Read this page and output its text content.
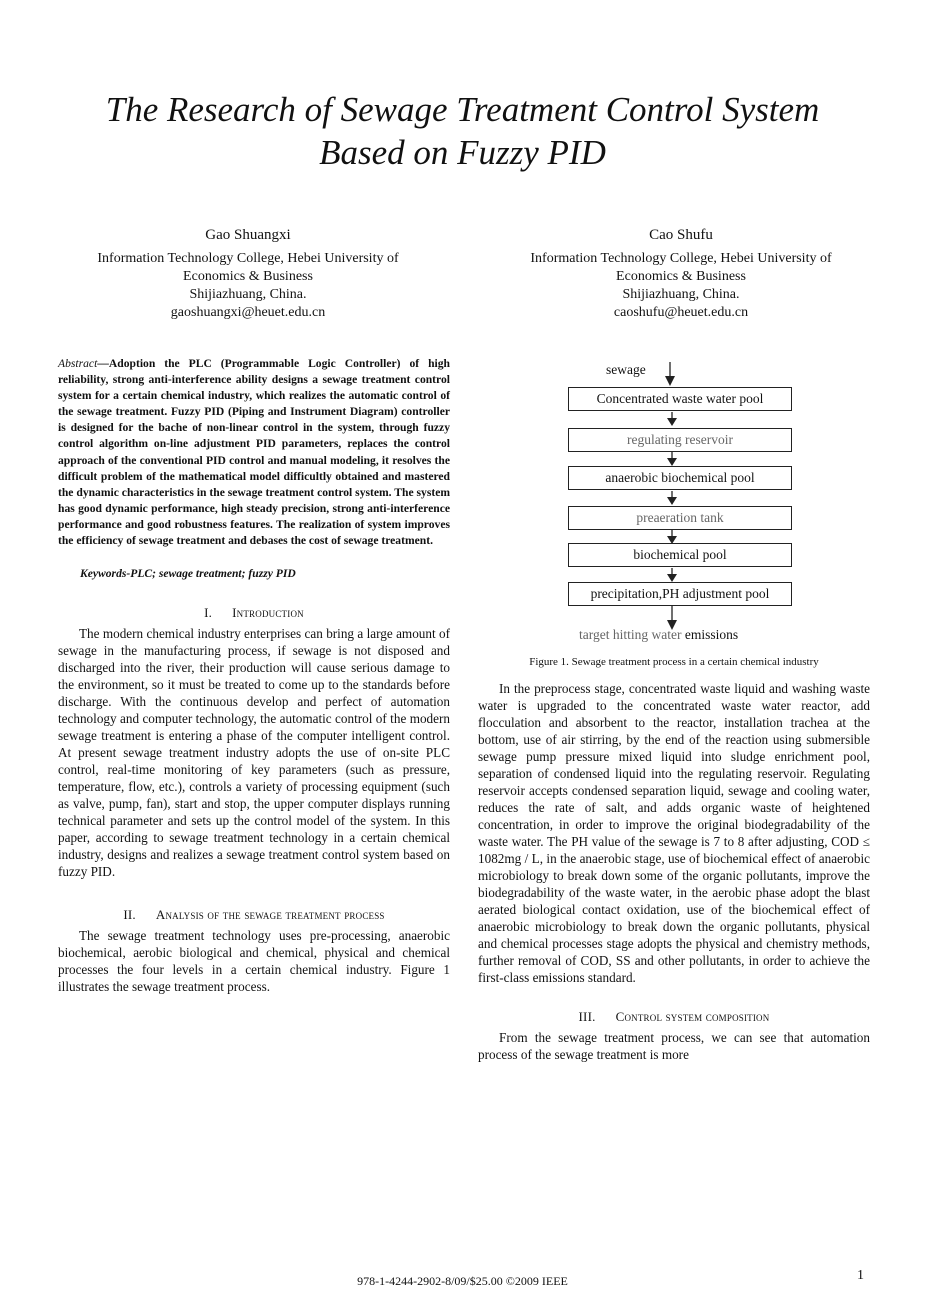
The Research of Sewage Treatment Control System
Based on Fuzzy PID
Gao Shuangxi
Information Technology College, Hebei University of
Economics & Business
Shijiazhuang, China.
gaoshuangxi@heuet.edu.cn
Cao Shufu
Information Technology College, Hebei University of
Economics & Business
Shijiazhuang, China.
caoshufu@heuet.edu.cn
Abstract—Adoption the PLC (Programmable Logic Controller) of high reliability, strong anti-interference ability designs a sewage treatment control system for a certain chemical industry, which realizes the automatic control of the sewage treatment. Fuzzy PID (Piping and Instrument Diagram) controller is designed for the bache of non-linear control in the system, through fuzzy control algorithm on-line adjustment PID parameters, replaces the control approach of the conventional PID control and manual modeling, it resolves the difficult problem of the mathematical model difficultly obtained and mastered the dynamic characteristics in the sewage treatment control system. The system has good dynamic performance, high steady precision, strong anti-interference performance and good robustness features. The realization of system improves the efficiency of sewage treatment and debases the cost of sewage treatment.
Keywords-PLC; sewage treatment; fuzzy PID
I. Introduction

The modern chemical industry enterprises can bring a large amount of sewage in the manufacturing process, if sewage is not disposed and discharged into the river, their production will cause serious damage to the environment, so it must be treated to come up to the standards before discharge. With the continuous develop and perfect of automation technology and computer technology, the automatic control of the modern sewage treatment is entering a phase of the computer intelligent control. At present sewage treatment industry adopts the use of on-site PLC control, real-time monitoring of key parameters (such as pressure, temperature, flow, etc.), controls a variety of processing equipment (such as valve, pump, fan), start and stop, the upper computer displays running technical parameter and sets up the control model of the system. In this paper, according to sewage treatment technology in a certain chemical industry, designs and realizes a sewage treatment control system based on fuzzy PID.

II. Analysis of the sewage treatment process

The sewage treatment technology uses pre-processing, anaerobic biochemical, aerobic biological and chemical, physical and chemical processes the four levels in a certain chemical industry. Figure 1 illustrates the sewage treatment process.

sewage
Concentrated waste water pool
regulating reservoir
anaerobic biochemical pool
preaeration tank
biochemical pool
precipitation,PH adjustment pool
target hitting water emissions
Figure 1. Sewage treatment process in a certain chemical industry

In the preprocess stage, concentrated waste liquid and washing waste water is upgraded to the concentrated waste water reactor, add flocculation and absorbent to the reactor, installation trachea at the bottom, use of air stirring, by the end of the reaction using submersible sewage pump pressure mixed liquid into sludge enrichment pool, separation of condensed liquid into the regulating reservoir. Regulating reservoir accepts condensed separation liquid, sewage and cooling water, reduces the rate of salt, and adds organic waste of heightened concentration, in order to improve the original biodegradability of the waste water. The PH value of the sewage is 7 to 8 after adjusting, COD ≤ 1082mg / L, in the anaerobic stage, use of biochemical effect of anaerobic microbiology to break down some of the organic pollutants, improve the biodegradability of the waste water, in the aerobic phase adopt the blast aerated biological contact oxidation, use of the biochemical effect of anaerobic microbiology to break down the organic pollutants, physical and chemical processes stage adopts the physical and chemistry methods, further removal of COD, SS and other pollutants, in order to achieve the first-class emissions standard.

III. Control system composition

From the sewage treatment process, we can see that automation process of the sewage treatment is more

978-1-4244-2902-8/09/$25.00 ©2009 IEEE	1
